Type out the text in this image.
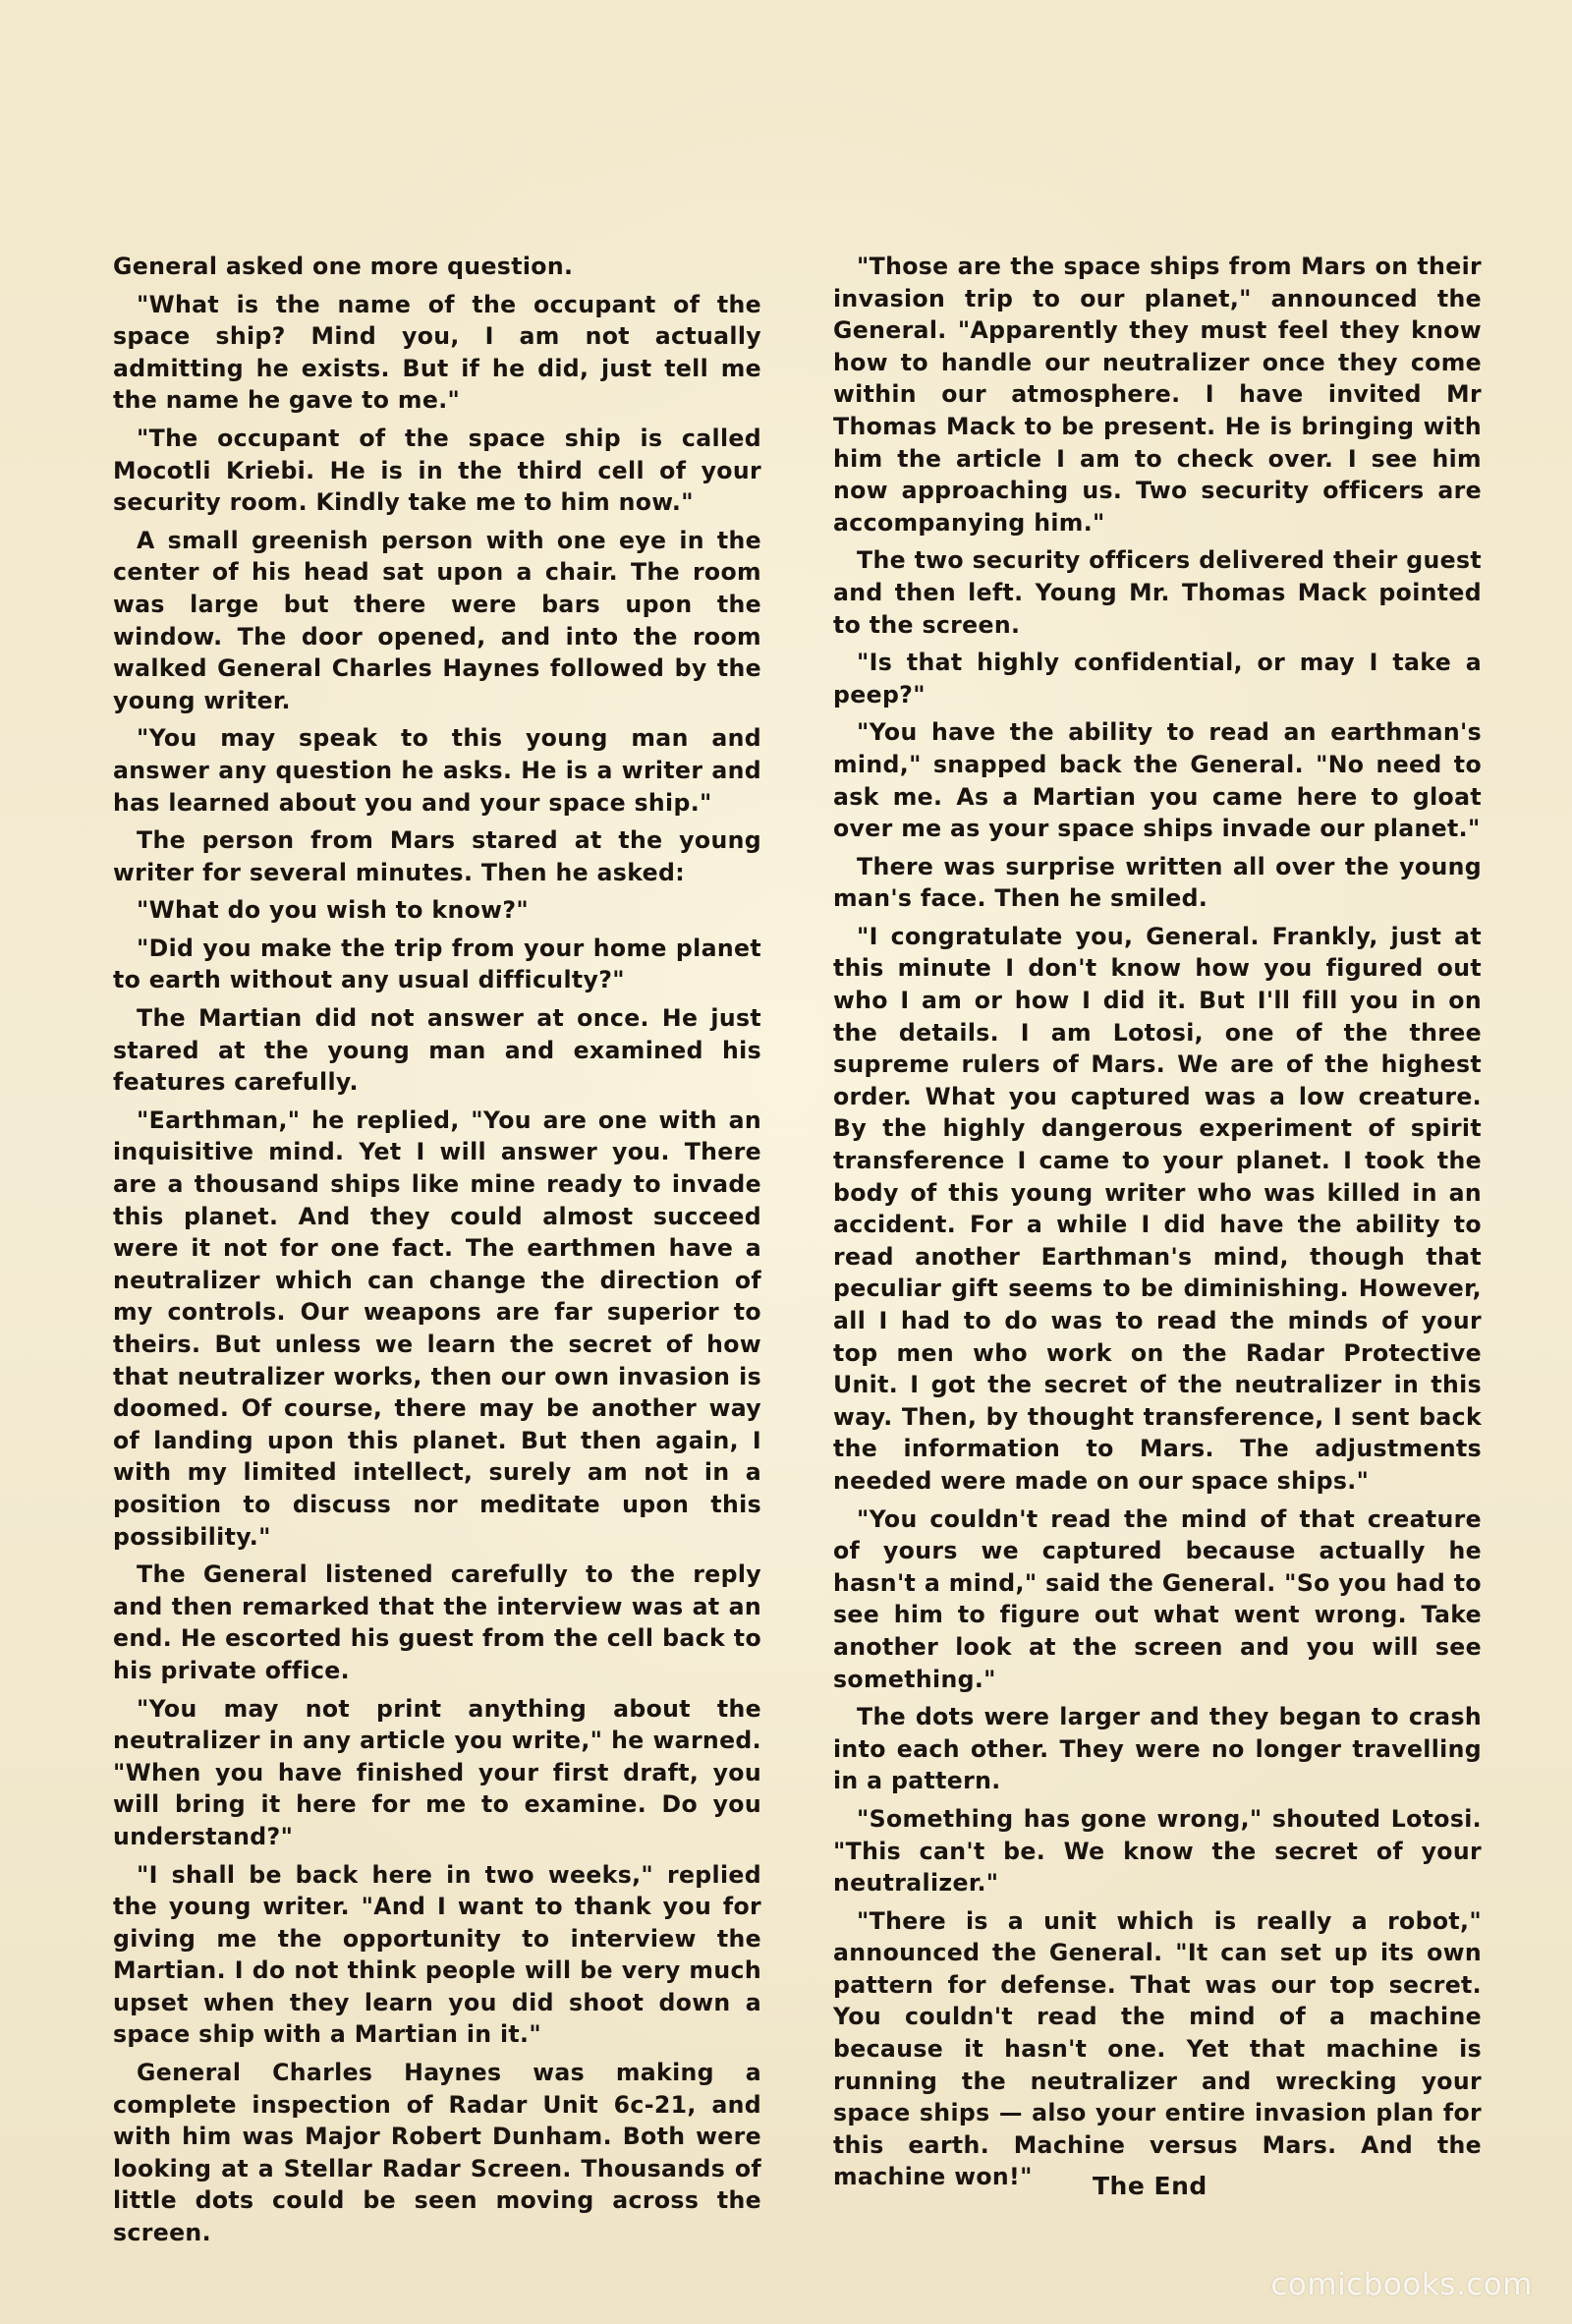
General asked one more question.

"What is the name of the occupant of the space ship? Mind you, I am not actually admitting he exists. But if he did, just tell me the name he gave to me."

"The occupant of the space ship is called Mocotli Kriebi. He is in the third cell of your security room. Kindly take me to him now."

A small greenish person with one eye in the center of his head sat upon a chair. The room was large but there were bars upon the window. The door opened, and into the room walked General Charles Haynes followed by the young writer.

"You may speak to this young man and answer any question he asks. He is a writer and has learned about you and your space ship."

The person from Mars stared at the young writer for several minutes. Then he asked:

"What do you wish to know?"

"Did you make the trip from your home planet to earth without any usual difficulty?"

The Martian did not answer at once. He just stared at the young man and examined his features carefully.

"Earthman," he replied, "You are one with an inquisitive mind. Yet I will answer you. There are a thousand ships like mine ready to invade this planet. And they could almost succeed were it not for one fact. The earthmen have a neutralizer which can change the direction of my controls. Our weapons are far superior to theirs. But unless we learn the secret of how that neutralizer works, then our own invasion is doomed. Of course, there may be another way of landing upon this planet. But then again, I with my limited intellect, surely am not in a position to discuss nor meditate upon this possibility."

The General listened carefully to the reply and then remarked that the interview was at an end. He escorted his guest from the cell back to his private office.

"You may not print anything about the neutralizer in any article you write," he warned. "When you have finished your first draft, you will bring it here for me to examine. Do you understand?"

"I shall be back here in two weeks," replied the young writer. "And I want to thank you for giving me the opportunity to interview the Martian. I do not think people will be very much upset when they learn you did shoot down a space ship with a Martian in it."

General Charles Haynes was making a complete inspection of Radar Unit 6c-21, and with him was Major Robert Dunham. Both were looking at a Stellar Radar Screen. Thousands of little dots could be seen moving across the screen.

"Those are the space ships from Mars on their invasion trip to our planet," announced the General. "Apparently they must feel they know how to handle our neutralizer once they come within our atmosphere. I have invited Mr Thomas Mack to be present. He is bringing with him the article I am to check over. I see him now approaching us. Two security officers are accompanying him."

The two security officers delivered their guest and then left. Young Mr. Thomas Mack pointed to the screen.

"Is that highly confidential, or may I take a peep?"

"You have the ability to read an earthman's mind," snapped back the General. "No need to ask me. As a Martian you came here to gloat over me as your space ships invade our planet."

There was surprise written all over the young man's face. Then he smiled.

"I congratulate you, General. Frankly, just at this minute I don't know how you figured out who I am or how I did it. But I'll fill you in on the details. I am Lotosi, one of the three supreme rulers of Mars. We are of the highest order. What you captured was a low creature. By the highly dangerous experiment of spirit transference I came to your planet. I took the body of this young writer who was killed in an accident. For a while I did have the ability to read another Earthman's mind, though that peculiar gift seems to be diminishing. However, all I had to do was to read the minds of your top men who work on the Radar Protective Unit. I got the secret of the neutralizer in this way. Then, by thought transference, I sent back the information to Mars. The adjustments needed were made on our space ships."

"You couldn't read the mind of that creature of yours we captured because actually he hasn't a mind," said the General. "So you had to see him to figure out what went wrong. Take another look at the screen and you will see something."

The dots were larger and they began to crash into each other. They were no longer travelling in a pattern.

"Something has gone wrong," shouted Lotosi. "This can't be. We know the secret of your neutralizer."

"There is a unit which is really a robot," announced the General. "It can set up its own pattern for defense. That was our top secret. You couldn't read the mind of a machine because it hasn't one. Yet that machine is running the neutralizer and wrecking your space ships — also your entire invasion plan for this earth. Machine versus Mars. And the machine won!"	The End
comicbooks.com
